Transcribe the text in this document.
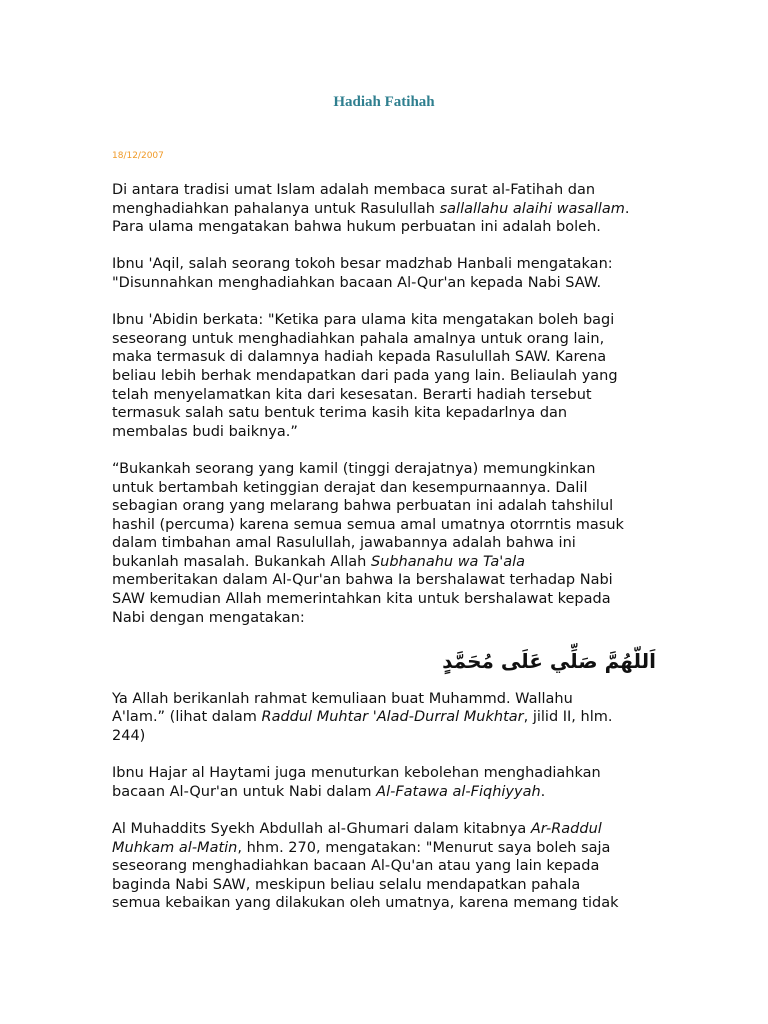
Hadiah Fatihah
18/12/2007

Di antara tradisi umat Islam adalah membaca surat al-Fatihah dan
menghadiahkan pahalanya untuk Rasulullah sallallahu alaihi wasallam.
Para ulama mengatakan bahwa hukum perbuatan ini adalah boleh.

Ibnu 'Aqil, salah seorang tokoh besar madzhab Hanbali mengatakan:
"Disunnahkan menghadiahkan bacaan Al-Qur'an kepada Nabi SAW.

Ibnu 'Abidin berkata: "Ketika para ulama kita mengatakan boleh bagi
seseorang untuk menghadiahkan pahala amalnya untuk orang lain,
maka termasuk di dalamnya hadiah kepada Rasulullah SAW. Karena
beliau lebih berhak mendapatkan dari pada yang lain. Beliaulah yang
telah menyelamatkan kita dari kesesatan. Berarti hadiah tersebut
termasuk salah satu bentuk terima kasih kita kepadarlnya dan
membalas budi baiknya.”

“Bukankah seorang yang kamil (tinggi derajatnya) memungkinkan
untuk bertambah ketinggian derajat dan kesempurnaannya. Dalil
sebagian orang yang melarang bahwa perbuatan ini adalah tahshilul
hashil (percuma) karena semua semua amal umatnya otorrntis masuk
dalam timbahan amal Rasulullah, jawabannya adalah bahwa ini
bukanlah masalah. Bukankah Allah Subhanahu wa Ta'ala
memberitakan dalam Al-Qur'an bahwa Ia bershalawat terhadap Nabi
SAW kemudian Allah memerintahkan kita untuk bershalawat kepada
Nabi dengan mengatakan:

اَللّهُمَّ صَلِّي عَلَى مُحَمَّدٍ

Ya Allah berikanlah rahmat kemuliaan buat Muhammd. Wallahu
A'lam.” (lihat dalam Raddul Muhtar 'Alad-Durral Mukhtar, jilid II, hlm.
244)

Ibnu Hajar al Haytami juga menuturkan kebolehan menghadiahkan
bacaan Al-Qur'an untuk Nabi dalam Al-Fatawa al-Fiqhiyyah.

Al Muhaddits Syekh Abdullah al-Ghumari dalam kitabnya Ar-Raddul
Muhkam al-Matin, hhm. 270, mengatakan: "Menurut saya boleh saja
seseorang menghadiahkan bacaan Al-Qu'an atau yang lain kepada
baginda Nabi SAW, meskipun beliau selalu mendapatkan pahala
semua kebaikan yang dilakukan oleh umatnya, karena memang tidak
